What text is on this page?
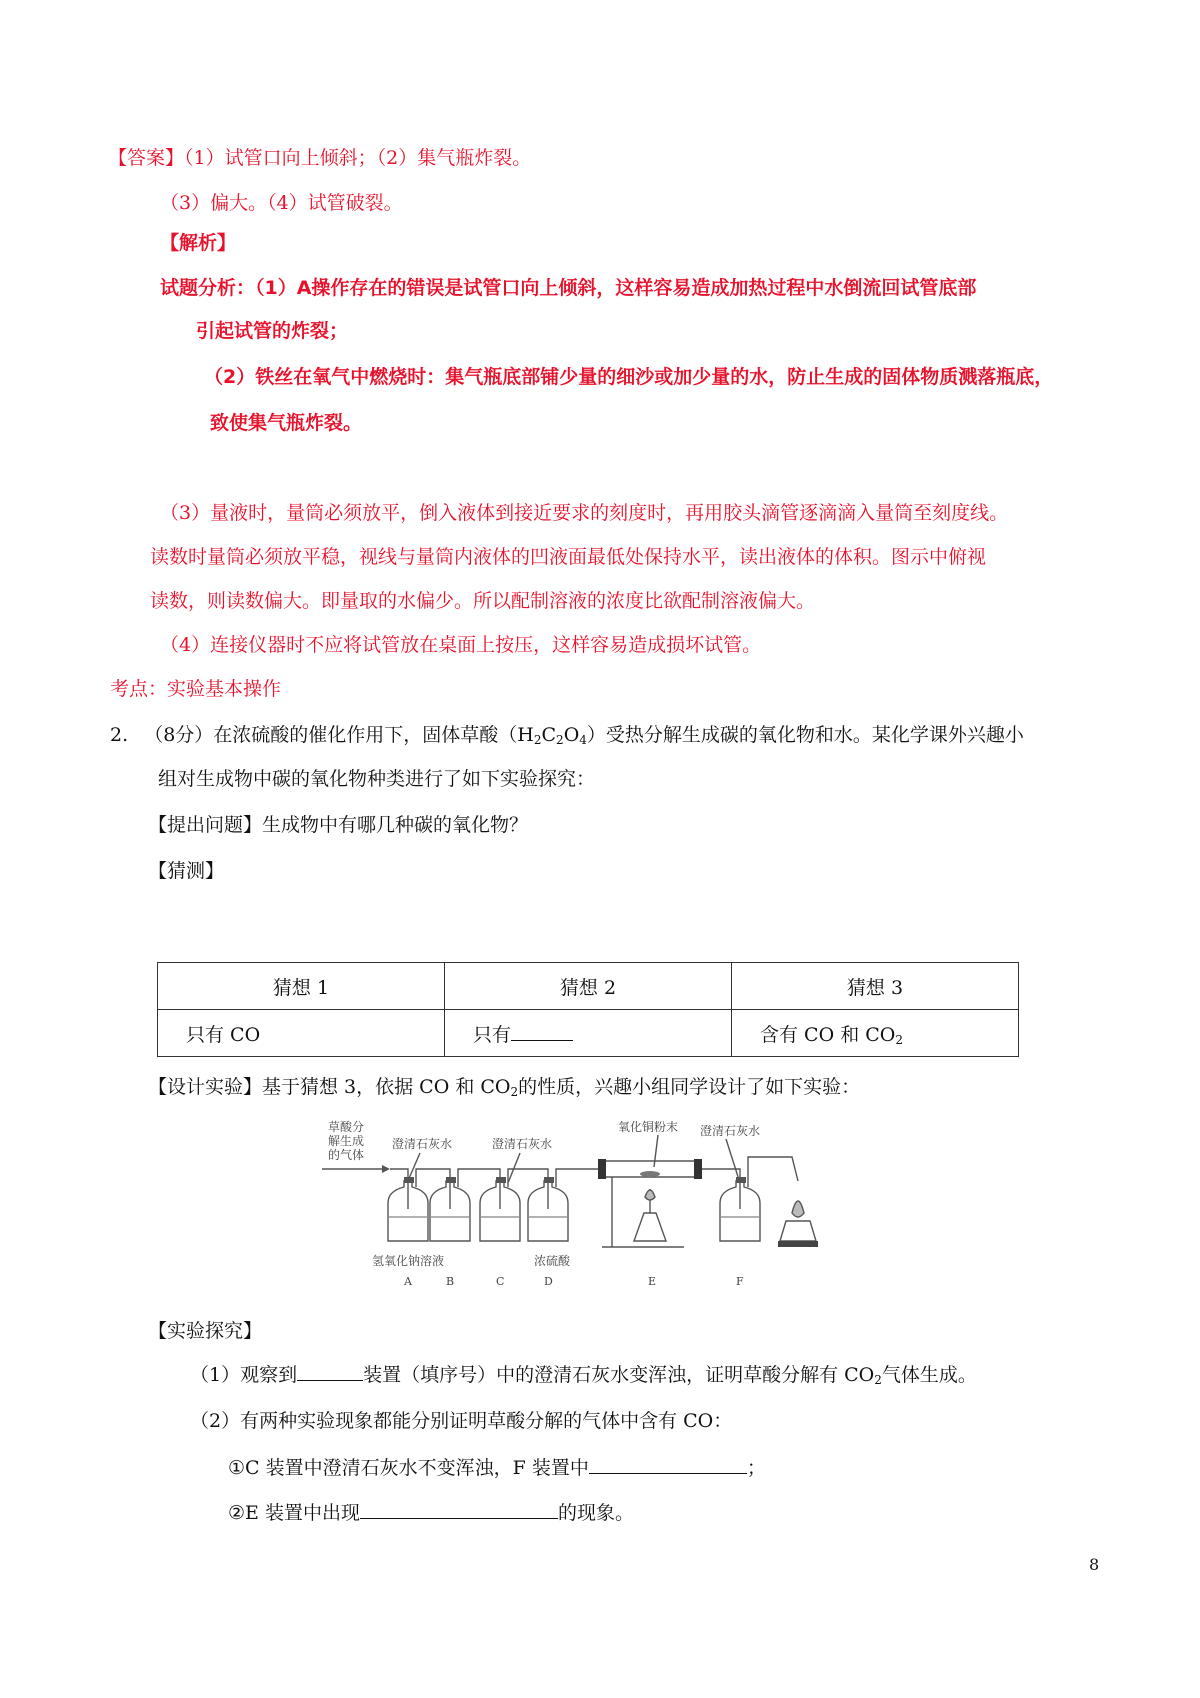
【答案】（1）试管口向上倾斜；（2）集气瓶炸裂。
（3）偏大。（4）试管破裂。
【解析】
试题分析：（1）A操作存在的错误是试管口向上倾斜，这样容易造成加热过程中水倒流回试管底部
引起试管的炸裂；
（2）铁丝在氧气中燃烧时：集气瓶底部铺少量的细沙或加少量的水，防止生成的固体物质溅落瓶底，
致使集气瓶炸裂。
（3）量液时，量筒必须放平，倒入液体到接近要求的刻度时，再用胶头滴管逐滴滴入量筒至刻度线。
读数时量筒必须放平稳，视线与量筒内液体的凹液面最低处保持水平，读出液体的体积。图示中俯视
读数，则读数偏大。即量取的水偏少。所以配制溶液的浓度比欲配制溶液偏大。
（4）连接仪器时不应将试管放在桌面上按压，这样容易造成损坏试管。
考点：实验基本操作
2. （8分）在浓硫酸的催化作用下，固体草酸$(H_2C_2O_4)$受热分解生成碳的氧化物和水。某化学课外兴趣小
组对生成物中碳的氧化物种类进行了如下实验探究：
【提出问题】生成物中有哪几种碳的氧化物？
【猜测】
猜想 1	猜想 2	猜想 3
只有 CO	只有	含有 CO 和 $CO_2$
【设计实验】基于猜想 3，依据 CO 和 $CO_2$的性质，兴趣小组同学设计了如下实验：
草酸分
解生成
的气体
澄清石灰水	澄清石灰水
氧化铜粉末 澄清石灰水
氢氧化钠溶液	浓硫酸
A	B	C	D	E	F
【实验探究】
（1）观察到	装置（填序号）中的澄清石灰水变浑浊，证明草酸分解有 $CO_2$气体生成。
（2）有两种实验现象都能分别证明草酸分解的气体中含有 CO：
①C 装置中澄清石灰水不变浑浊，F 装置中	；
②E 装置中出现	的现象。
8
